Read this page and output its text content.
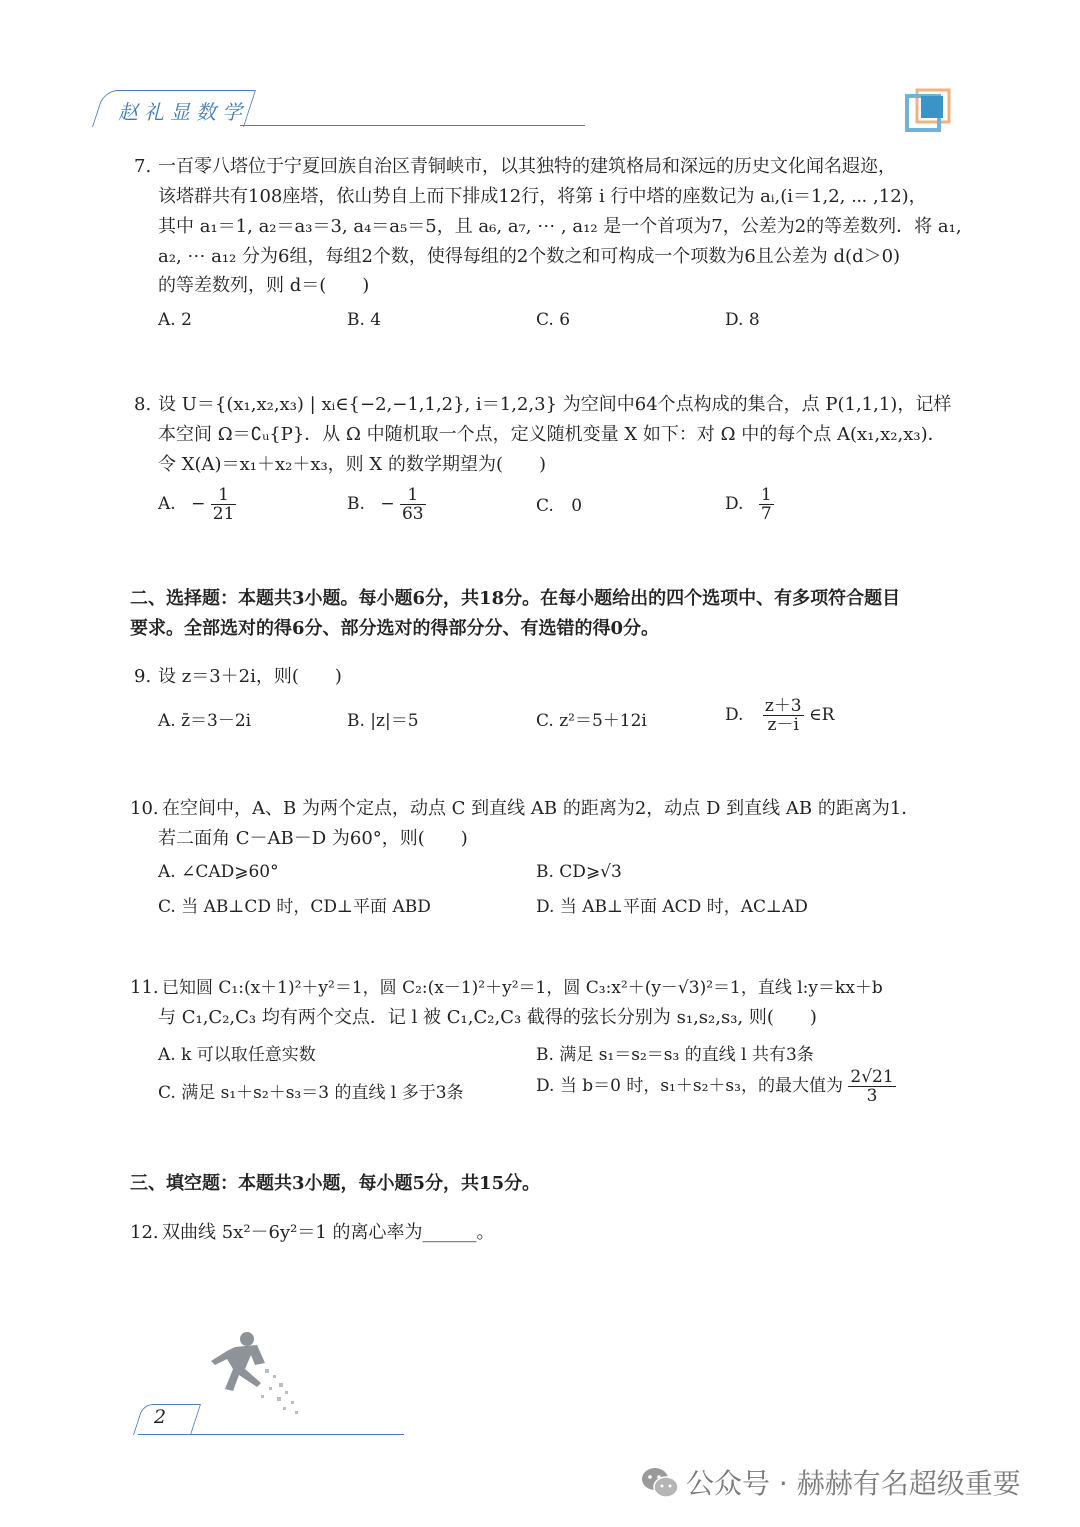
赵礼显数学
7. 一百零八塔位于宁夏回族自治区青铜峡市，以其独特的建筑格局和深远的历史文化闻名遐迩，
该塔群共有108座塔，依山势自上而下排成12行，将第 i 行中塔的座数记为 aᵢ,(i＝1,2, ⋯ ,12)，
其中 a₁＝1, a₂＝a₃＝3, a₄＝a₅＝5，且 a₆, a₇, ⋯ , a₁₂ 是一个首项为7，公差为2的等差数列．将 a₁,
a₂, ⋯ a₁₂ 分为6组，每组2个数，使得每组的2个数之和可构成一个项数为6且公差为 d(d＞0)
的等差数列，则 d＝(　　)
A. 2	B. 4	C. 6	D. 8
8. 设 U＝{(x₁,x₂,x₃) | xᵢ∈{−2,−1,1,2}, i＝1,2,3} 为空间中64个点构成的集合，点 P(1,1,1)，记样
本空间 Ω＝∁ᵤ{P}．从 Ω 中随机取一个点，定义随机变量 X 如下：对 Ω 中的每个点 A(x₁,x₂,x₃)．
令 X(A)＝x₁＋x₂＋x₃，则 X 的数学期望为(　　)
A. − $\frac{1}{21}$	B. − $\frac{1}{63}$	C. 0	D. $\frac{1}{7}$
二、选择题：本题共3小题。每小题6分，共18分。在每小题给出的四个选项中、有多项符合题目
要求。全部选对的得6分、部分选对的得部分分、有选错的得0分。
9. 设 z＝3＋2i，则(　　)
A. z̄＝3－2i	B. |z|＝5	C. z²＝5＋12i	D. $\frac{z+3}{z-i}$ ∈R
10. 在空间中，A、B 为两个定点，动点 C 到直线 AB 的距离为2，动点 D 到直线 AB 的距离为1．
若二面角 C－AB－D 为60°，则(　　)
A. ∠CAD⩾60°	B. CD⩾√3
C. 当 AB⊥CD 时，CD⊥平面 ABD	D. 当 AB⊥平面 ACD 时，AC⊥AD
11. 已知圆 C₁:(x＋1)²＋y²＝1，圆 C₂:(x－1)²＋y²＝1，圆 C₃:x²＋(y－√3)²＝1，直线 l:y＝kx＋b
与 C₁,C₂,C₃ 均有两个交点．记 l 被 C₁,C₂,C₃ 截得的弦长分别为 s₁,s₂,s₃, 则(　　)
A. k 可以取任意实数	B. 满足 s₁＝s₂＝s₃ 的直线 l 共有3条
C. 满足 s₁＋s₂＋s₃＝3 的直线 l 多于3条	D. 当 b＝0 时，s₁＋s₂＋s₃，的最大值为 $\frac{2√21}{3}$
三、填空题：本题共3小题，每小题5分，共15分。
12. 双曲线 5x²－6y²＝1 的离心率为______。
2
公众号 · 赫赫有名超级重要
